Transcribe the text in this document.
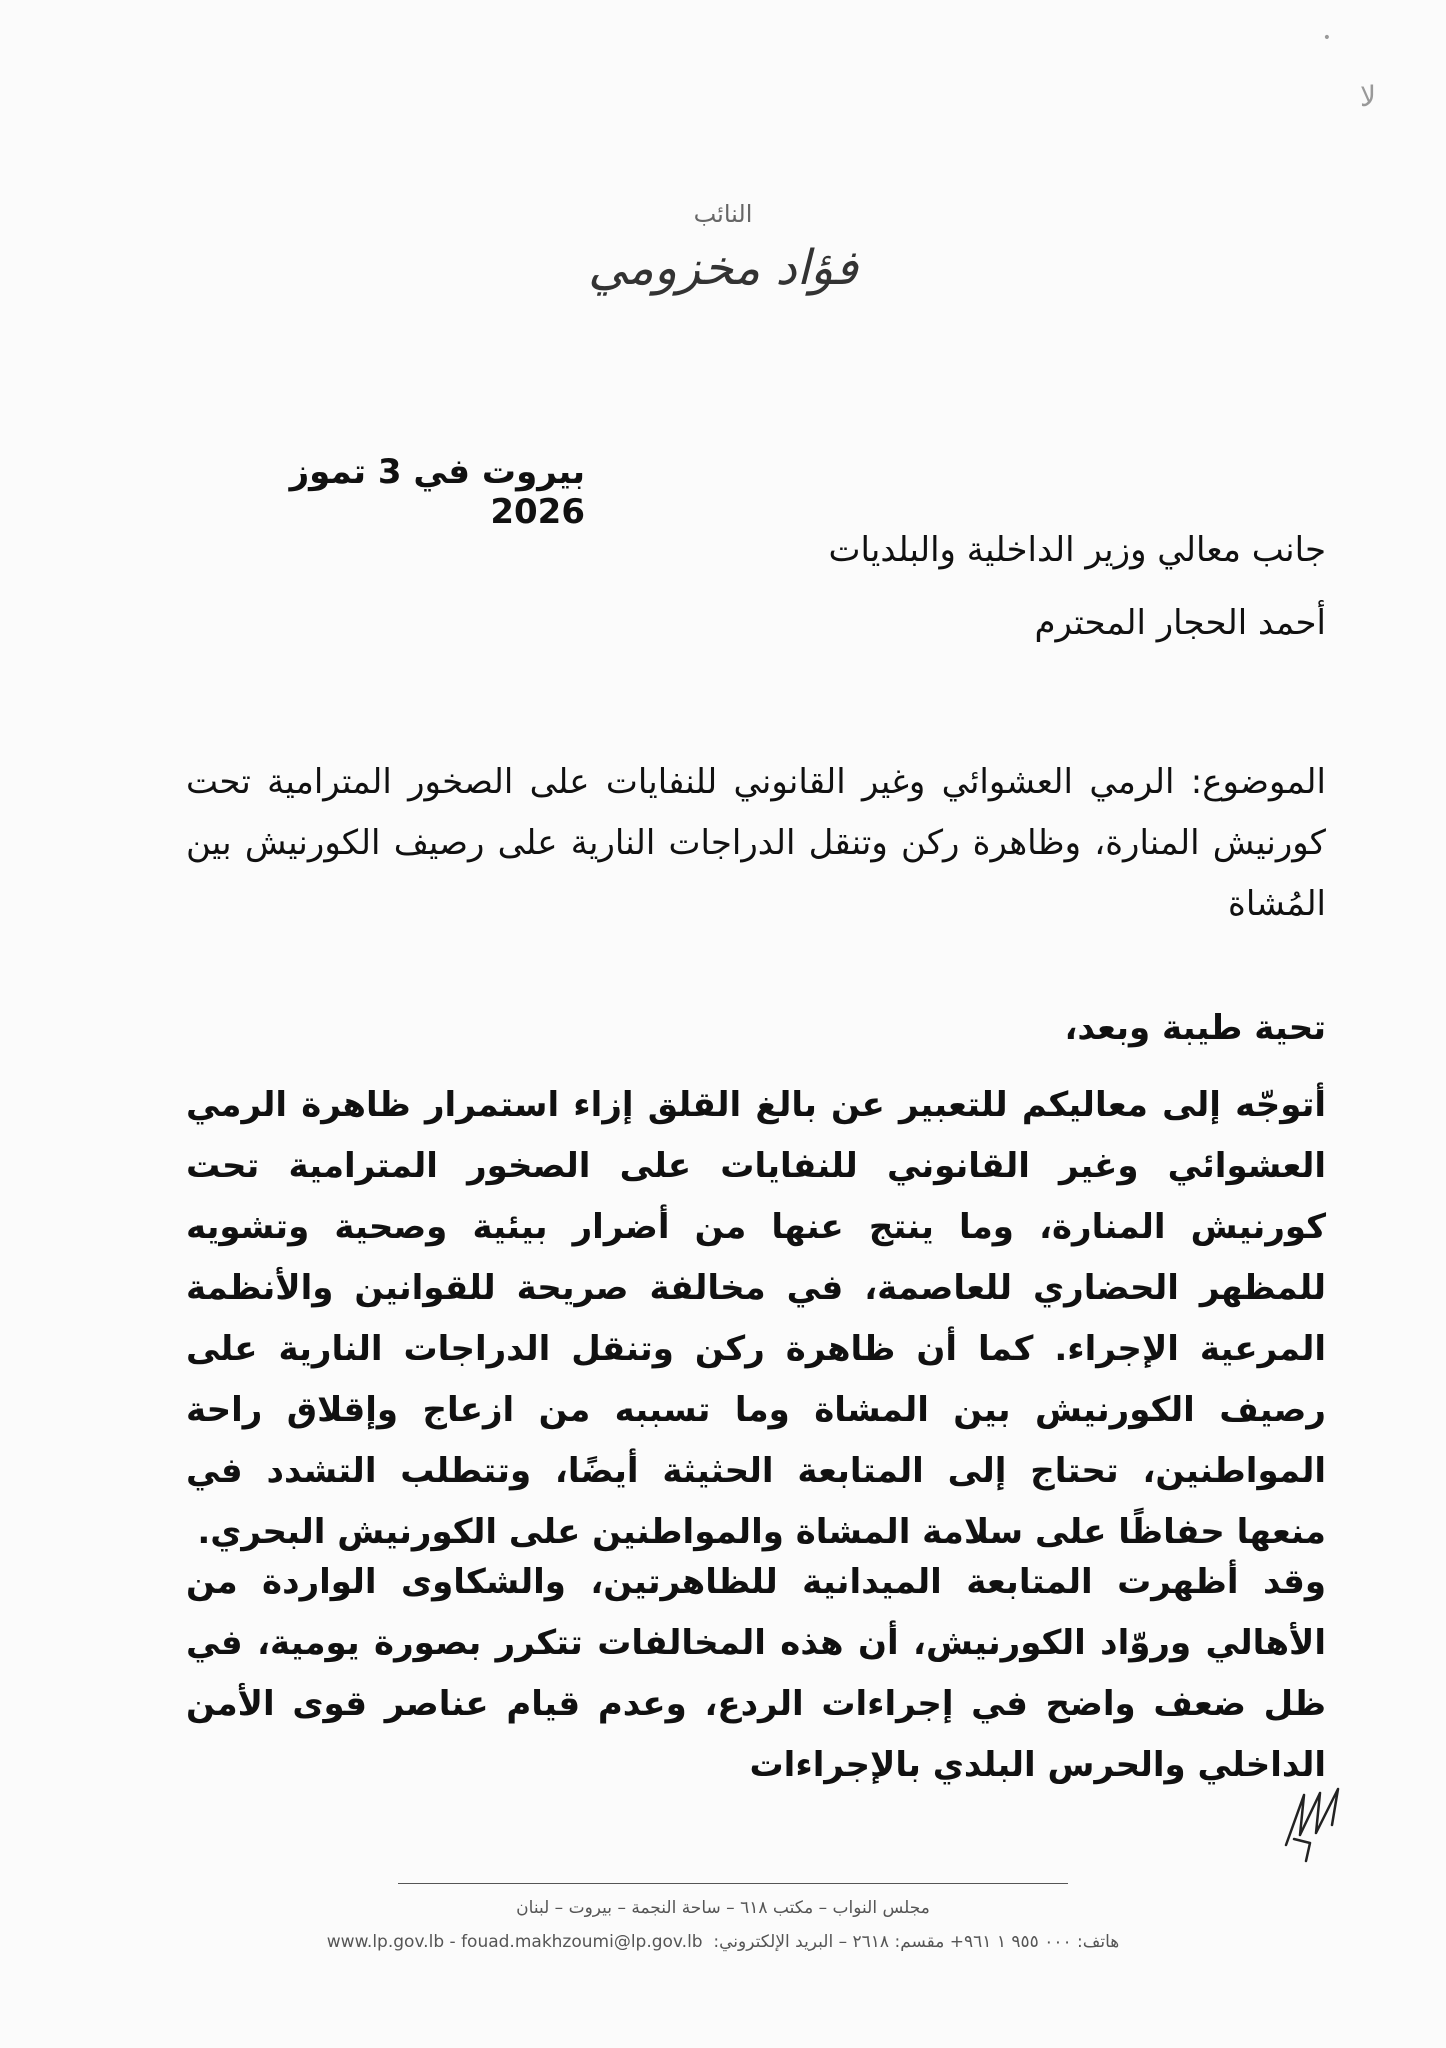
•
ﻻ
النائب
فؤاد مخزومي
بيروت في 3 تموز 2026
جانب معالي وزير الداخلية والبلديات
أحمد الحجار المحترم
الموضوع: الرمي العشوائي وغير القانوني للنفايات على الصخور المترامية تحت كورنيش المنارة، وظاهرة ركن وتنقل الدراجات النارية على رصيف الكورنيش بين المُشاة
تحية طيبة وبعد،
أتوجّه إلى معاليكم للتعبير عن بالغ القلق إزاء استمرار ظاهرة الرمي العشوائي وغير القانوني للنفايات على الصخور المترامية تحت كورنيش المنارة، وما ينتج عنها من أضرار بيئية وصحية وتشويه للمظهر الحضاري للعاصمة، في مخالفة صريحة للقوانين والأنظمة المرعية الإجراء. كما أن ظاهرة ركن وتنقل الدراجات النارية على رصيف الكورنيش بين المشاة وما تسببه من ازعاج وإقلاق راحة المواطنين، تحتاج إلى المتابعة الحثيثة أيضًا، وتتطلب التشدد في منعها حفاظًا على سلامة المشاة والمواطنين على الكورنيش البحري.
وقد أظهرت المتابعة الميدانية للظاهرتين، والشكاوى الواردة من الأهالي وروّاد الكورنيش، أن هذه المخالفات تتكرر بصورة يومية، في ظل ضعف واضح في إجراءات الردع، وعدم قيام عناصر قوى الأمن الداخلي والحرس البلدي بالإجراءات
مجلس النواب – مكتب ٦١٨ – ساحة النجمة – بيروت – لبنان
www.lp.gov.lb - fouad.makhzoumi@lp.gov.lb هاتف: ٠٠٠ ٩٥٥ ١ ٩٦١+ مقسم: ٢٦١٨ – البريد الإلكتروني:
